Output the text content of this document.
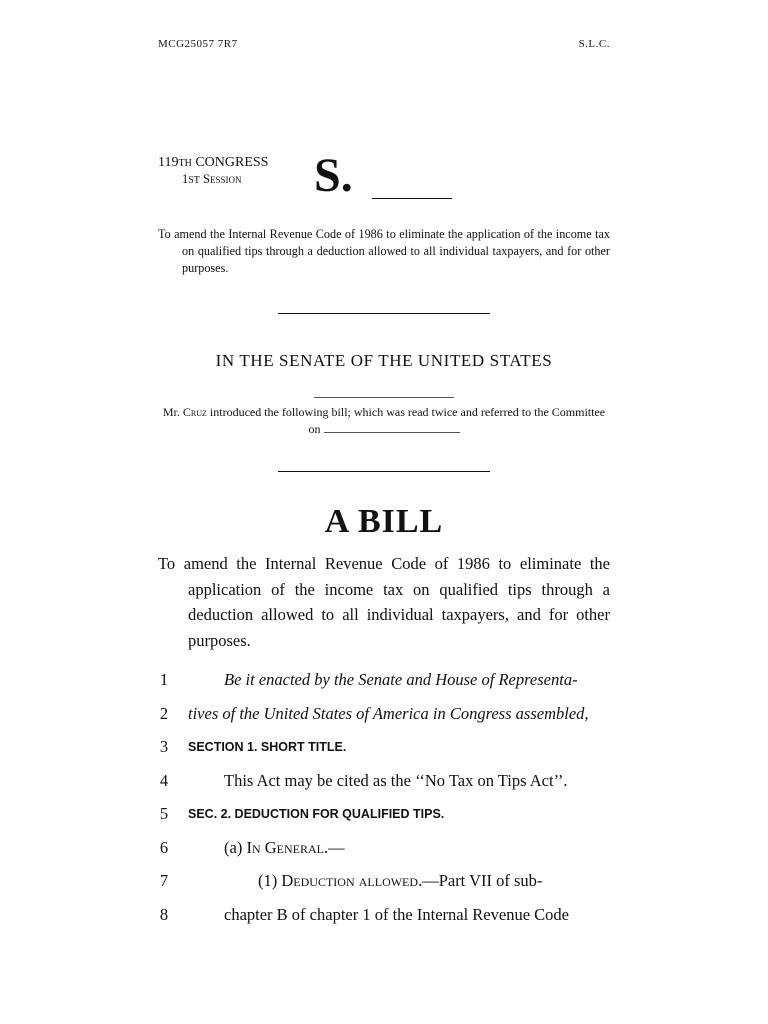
MCG25057 7R7	S.L.C.
119TH CONGRESS
1ST Session S.
To amend the Internal Revenue Code of 1986 to eliminate the application of the income tax on qualified tips through a deduction allowed to all individual taxpayers, and for other purposes.
IN THE SENATE OF THE UNITED STATES
Mr. Cruz introduced the following bill; which was read twice and referred to the Committee on
A BILL
To amend the Internal Revenue Code of 1986 to eliminate the application of the income tax on qualified tips through a deduction allowed to all individual taxpayers, and for other purposes.
1	Be it enacted by the Senate and House of Representa-
2	tives of the United States of America in Congress assembled,
3	SECTION 1. SHORT TITLE.
4	This Act may be cited as the ‘‘No Tax on Tips Act’’.
5	SEC. 2. DEDUCTION FOR QUALIFIED TIPS.
6	(a) In General.—
7	(1) Deduction allowed.—Part VII of sub-
8	chapter B of chapter 1 of the Internal Revenue Code
